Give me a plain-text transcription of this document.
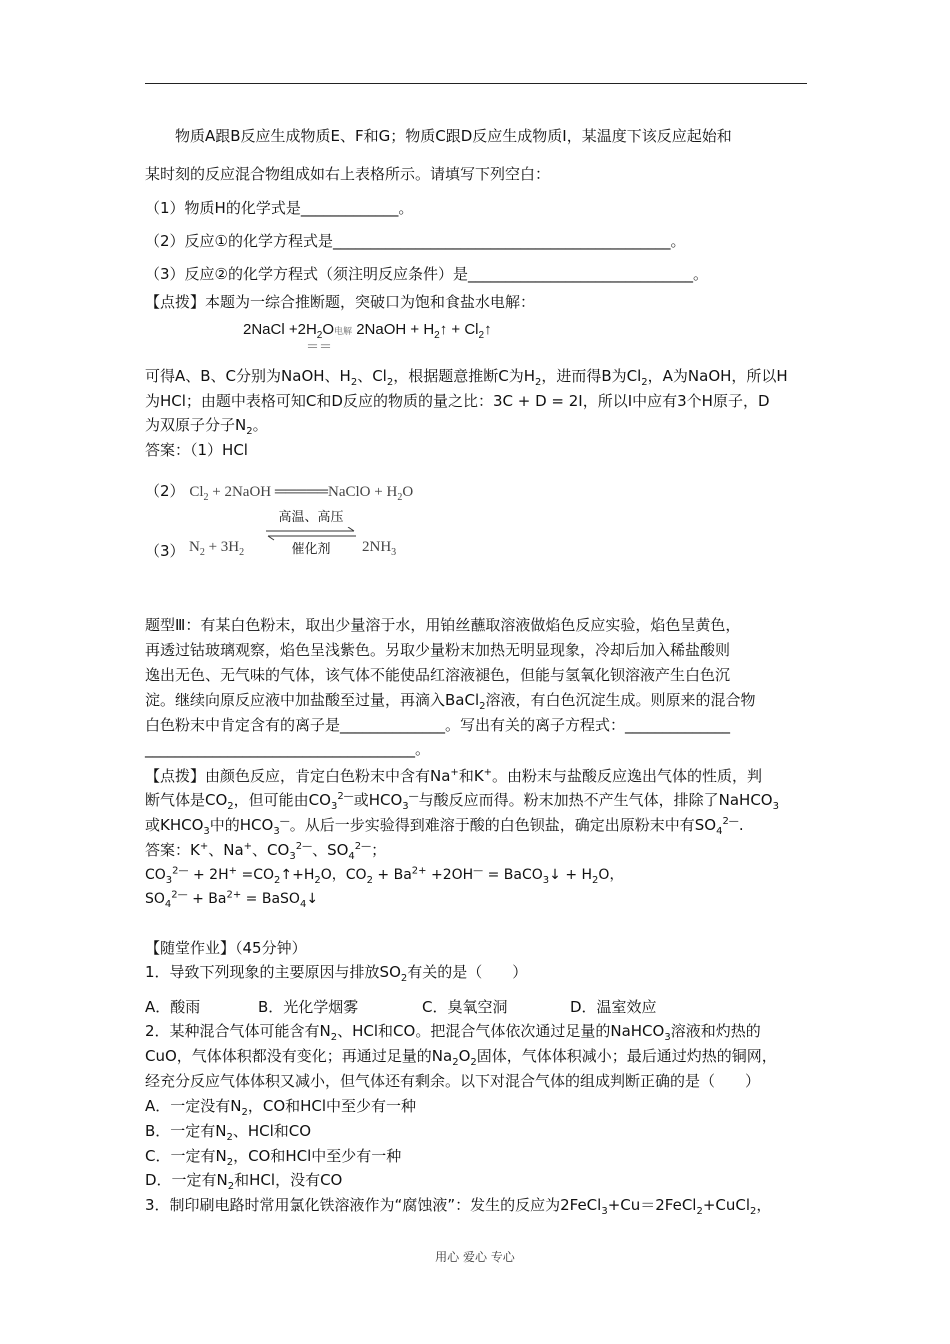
物质A跟B反应生成物质E、F和G；物质C跟D反应生成物质I，某温度下该反应起始和
某时刻的反应混合物组成如右上表格所示。请填写下列空白：
（1）物质H的化学式是_____________。
（2）反应①的化学方程式是_____________________________________________。
（3）反应②的化学方程式（须注明反应条件）是______________________________。
【点拨】本题为一综合推断题，突破口为饱和食盐水电解：
2NaCl $+2H_2O$电解 2NaOH + $H_2↑$ + $Cl_2↑$
＝＝
可得A、B、C分别为NaOH、$H_2$、$Cl_2$，根据题意推断C为$H_2$，进而得B为$Cl_2$，A为NaOH，所以H
为HCl；由题中表格可知C和D反应的物质的量之比：3C + D = 2I，所以I中应有3个H原子，D
为双原子分子$N_2$。
答案：（1）HCl
（2） $Cl_2$ + 2NaOH ═════NaClO + $H_2O$
（3） $N_2 + 3H_2$
高温、高压
催化剂	$2NH_3$
题型Ⅲ：有某白色粉末，取出少量溶于水，用铂丝蘸取溶液做焰色反应实验，焰色呈黄色，
再透过钴玻璃观察，焰色呈浅紫色。另取少量粉末加热无明显现象，冷却后加入稀盐酸则
逸出无色、无气味的气体，该气体不能使品红溶液褪色，但能与氢氧化钡溶液产生白色沉
淀。继续向原反应液中加盐酸至过量，再滴入BaCl$_2$溶液，有白色沉淀生成。则原来的混合物
白色粉末中肯定含有的离子是______________。写出有关的离子方程式：______________
____________________________________。
【点拨】由颜色反应，肯定白色粉末中含有Na+和K+。由粉末与盐酸反应逸出气体的性质，判
断气体是$CO_2$，但可能由$CO_3^{2—}$或$HCO_3^—$与酸反应而得。粉末加热不产生气体，排除了NaHCO$_3$
或$KHCO_3$中的$HCO_3^—$。从后一步实验得到难溶于酸的白色钡盐，确定出原粉末中有$SO_4^{2—}$.
答案：K+、Na+、$CO_3^{2—}$、$SO_4^{2—}$；
$CO_3^{2—} + 2H^+$ $=CO_2↑+H_2O$，$CO_2 + Ba^{2+} +2OH^—$ = BaCO$_3$↓ + $H_2O$，
$SO_4^{2—} + Ba^{2+}$ = BaSO$_4$↓
【随堂作业】（45分钟）
1．导致下列现象的主要原因与排放$SO_2$有关的是（　　）
A．酸雨	B．光化学烟雾	C．臭氧空洞	D．温室效应
2．某种混合气体可能含有$N_2$、HCl和CO。把混合气体依次通过足量的NaHCO$_3$溶液和灼热的
CuO，气体体积都没有变化；再通过足量的$Na_2O_2$固体，气体体积减小；最后通过灼热的铜网，
经充分反应气体体积又减小，但气体还有剩余。以下对混合气体的组成判断正确的是（　　）
A．一定没有$N_2$，CO和HCl中至少有一种
B．一定有$N_2$、HCl和CO
C．一定有$N_2$，CO和HCl中至少有一种
D．一定有$N_2$和HCl，没有CO
3．制印刷电路时常用氯化铁溶液作为“腐蚀液”：发生的反应为2FeCl$_3$+Cu＝2FeCl$_2$+CuCl$_2$，
用心 爱心 专心
